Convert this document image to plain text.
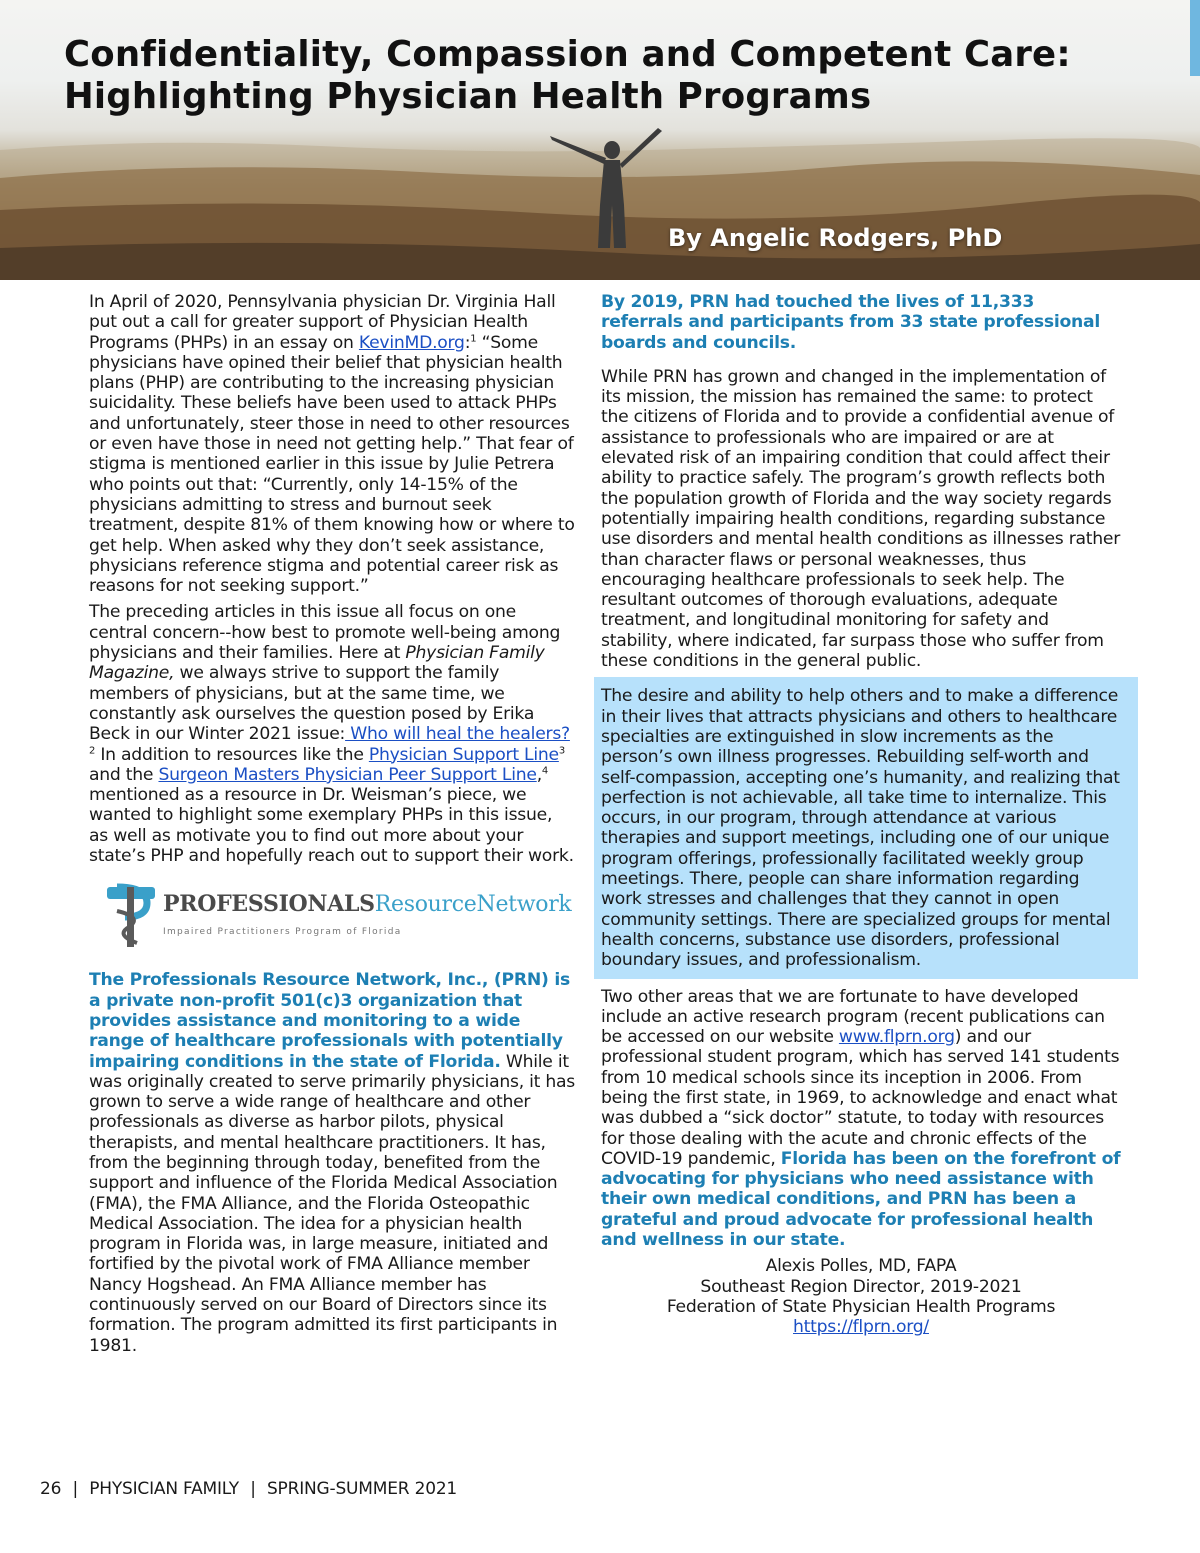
Confidentiality, Compassion and Competent Care:
Highlighting Physician Health Programs
By Angelic Rodgers, PhD

In April of 2020, Pennsylvania physician Dr. Virginia Hall put out a call for greater support of Physician Health Programs (PHPs) in an essay on KevinMD.org:$^1$ “Some physicians have opined their belief that physician health plans (PHP) are contributing to the increasing physician suicidality. These beliefs have been used to attack PHPs and unfortunately, steer those in need to other resources or even have those in need not getting help.” That fear of stigma is mentioned earlier in this issue by Julie Petrera who points out that: “Currently, only 14-15% of the physicians admitting to stress and burnout seek treatment, despite 81% of them knowing how or where to get help. When asked why they don’t seek assistance, physicians reference stigma and potential career risk as reasons for not seeking support.”

The preceding articles in this issue all focus on one central concern--how best to promote well-being among physicians and their families. Here at Physician Family Magazine, we always strive to support the family members of physicians, but at the same time, we constantly ask ourselves the question posed by Erika Beck in our Winter 2021 issue: Who will heal the healers?$^2$ In addition to resources like the Physician Support Line$^3$ and the Surgeon Masters Physician Peer Support Line,$^4$ mentioned as a resource in Dr. Weisman’s piece, we wanted to highlight some exemplary PHPs in this issue, as well as motivate you to find out more about your state’s PHP and hopefully reach out to support their work.

PROFESSIONALSResourceNetwork
Impaired Practitioners Program of Florida

The Professionals Resource Network, Inc., (PRN) is a private non-profit 501(c)3 organization that provides assistance and monitoring to a wide range of healthcare professionals with potentially impairing conditions in the state of Florida. While it was originally created to serve primarily physicians, it has grown to serve a wide range of healthcare and other professionals as diverse as harbor pilots, physical therapists, and mental healthcare practitioners. It has, from the beginning through today, benefited from the support and influence of the Florida Medical Association (FMA), the FMA Alliance, and the Florida Osteopathic Medical Association. The idea for a physician health program in Florida was, in large measure, initiated and fortified by the pivotal work of FMA Alliance member Nancy Hogshead. An FMA Alliance member has continuously served on our Board of Directors since its formation. The program admitted its first participants in 1981.

By 2019, PRN had touched the lives of 11,333 referrals and participants from 33 state professional boards and councils.

While PRN has grown and changed in the implementation of its mission, the mission has remained the same: to protect the citizens of Florida and to provide a confidential avenue of assistance to professionals who are impaired or are at elevated risk of an impairing condition that could affect their ability to practice safely. The program’s growth reflects both the population growth of Florida and the way society regards potentially impairing health conditions, regarding substance use disorders and mental health conditions as illnesses rather than character flaws or personal weaknesses, thus encouraging healthcare professionals to seek help. The resultant outcomes of thorough evaluations, adequate treatment, and longitudinal monitoring for safety and stability, where indicated, far surpass those who suffer from these conditions in the general public.

The desire and ability to help others and to make a difference in their lives that attracts physicians and others to healthcare specialties are extinguished in slow increments as the person’s own illness progresses. Rebuilding self-worth and self-compassion, accepting one’s humanity, and realizing that perfection is not achievable, all take time to internalize. This occurs, in our program, through attendance at various therapies and support meetings, including one of our unique program offerings, professionally facilitated weekly group meetings. There, people can share information regarding work stresses and challenges that they cannot in open community settings. There are specialized groups for mental health concerns, substance use disorders, professional boundary issues, and professionalism.

Two other areas that we are fortunate to have developed include an active research program (recent publications can be accessed on our website www.flprn.org) and our professional student program, which has served 141 students from 10 medical schools since its inception in 2006. From being the first state, in 1969, to acknowledge and enact what was dubbed a “sick doctor” statute, to today with resources for those dealing with the acute and chronic effects of the COVID-19 pandemic, Florida has been on the forefront of advocating for physicians who need assistance with their own medical conditions, and PRN has been a grateful and proud advocate for professional health and wellness in our state.

Alexis Polles, MD, FAPA
Southeast Region Director, 2019-2021
Federation of State Physician Health Programs
https://flprn.org/
26 | PHYSICIAN FAMILY | SPRING-SUMMER 2021
